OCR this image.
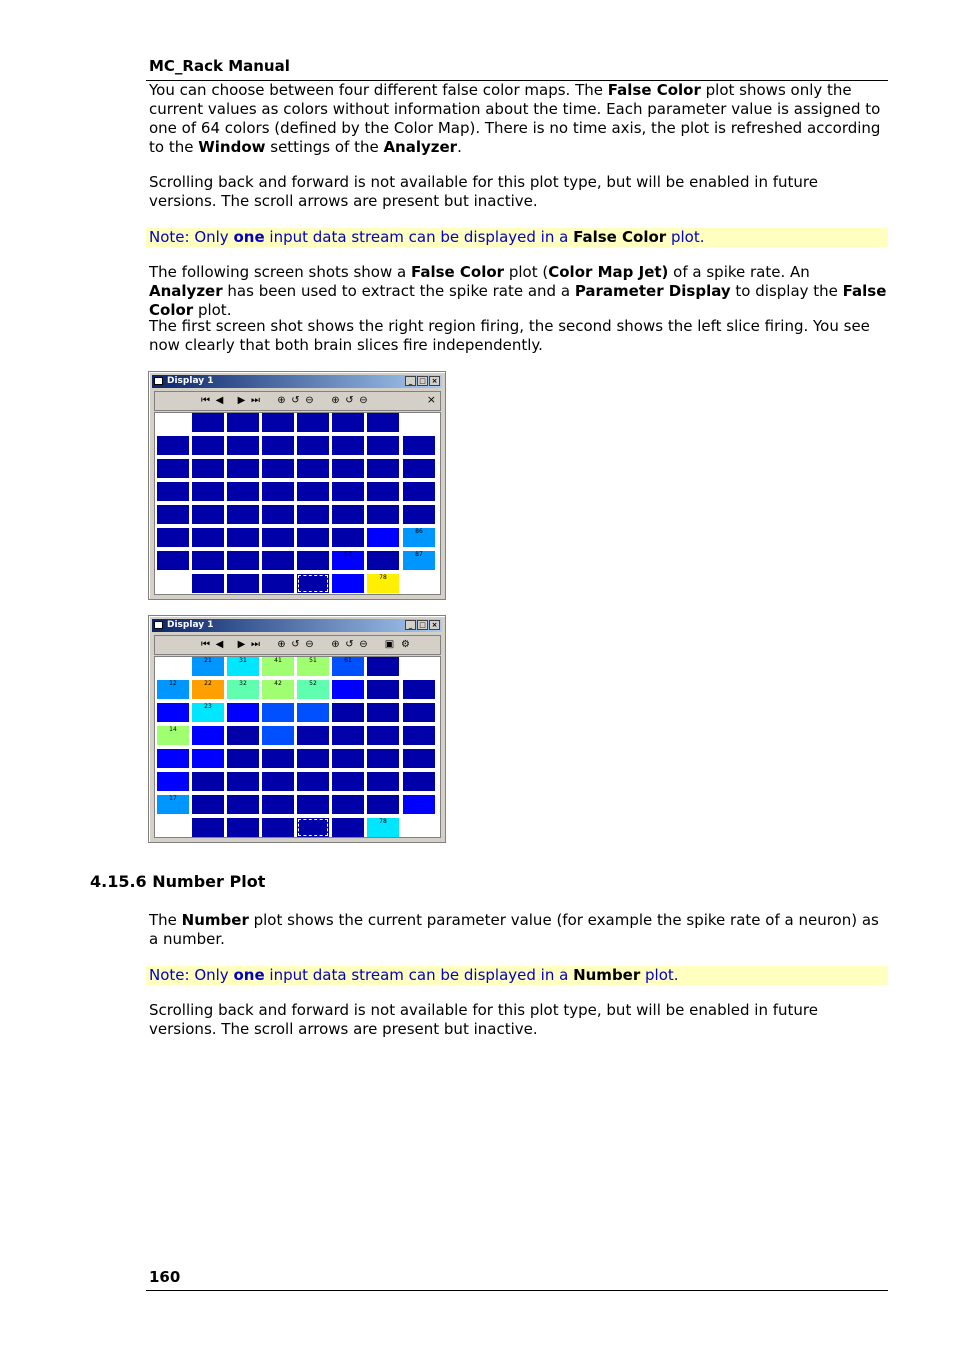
MC_Rack Manual

You can choose between four different false color maps. The False Color plot shows only the current values as colors without information about the time. Each parameter value is assigned to one of 64 colors (defined by the Color Map). There is no time axis, the plot is refreshed according to the Window settings of the Analyzer.

Scrolling back and forward is not available for this plot type, but will be enabled in future versions. The scroll arrows are present but inactive.

Note: Only one input data stream can be displayed in a False Color plot.

The following screen shots show a False Color plot (Color Map Jet) of a spike rate. An Analyzer has been used to extract the spike rate and a Parameter Display to display the False Color plot.

The first screen shot shows the right region firing, the second shows the left slice firing. You see now clearly that both brain slices fire independently.

Display 1	_ □ ×
⏮ ◀ ▶ ⏭ ⊕ ↺ ⊖ ⊕ ↺ ⊖	×
86
67	87
78
Display 1	_ □ ×
⏮ ◀ ▶ ⏭ ⊕ ↺ ⊖ ⊕ ↺ ⊖ ▣ ⚙
21	31	41	51	61
12	22	32	42	52
23
14
17
78
4.15.6 Number Plot

The Number plot shows the current parameter value (for example the spike rate of a neuron) as a number.

Note: Only one input data stream can be displayed in a Number plot.

Scrolling back and forward is not available for this plot type, but will be enabled in future versions. The scroll arrows are present but inactive.

160
